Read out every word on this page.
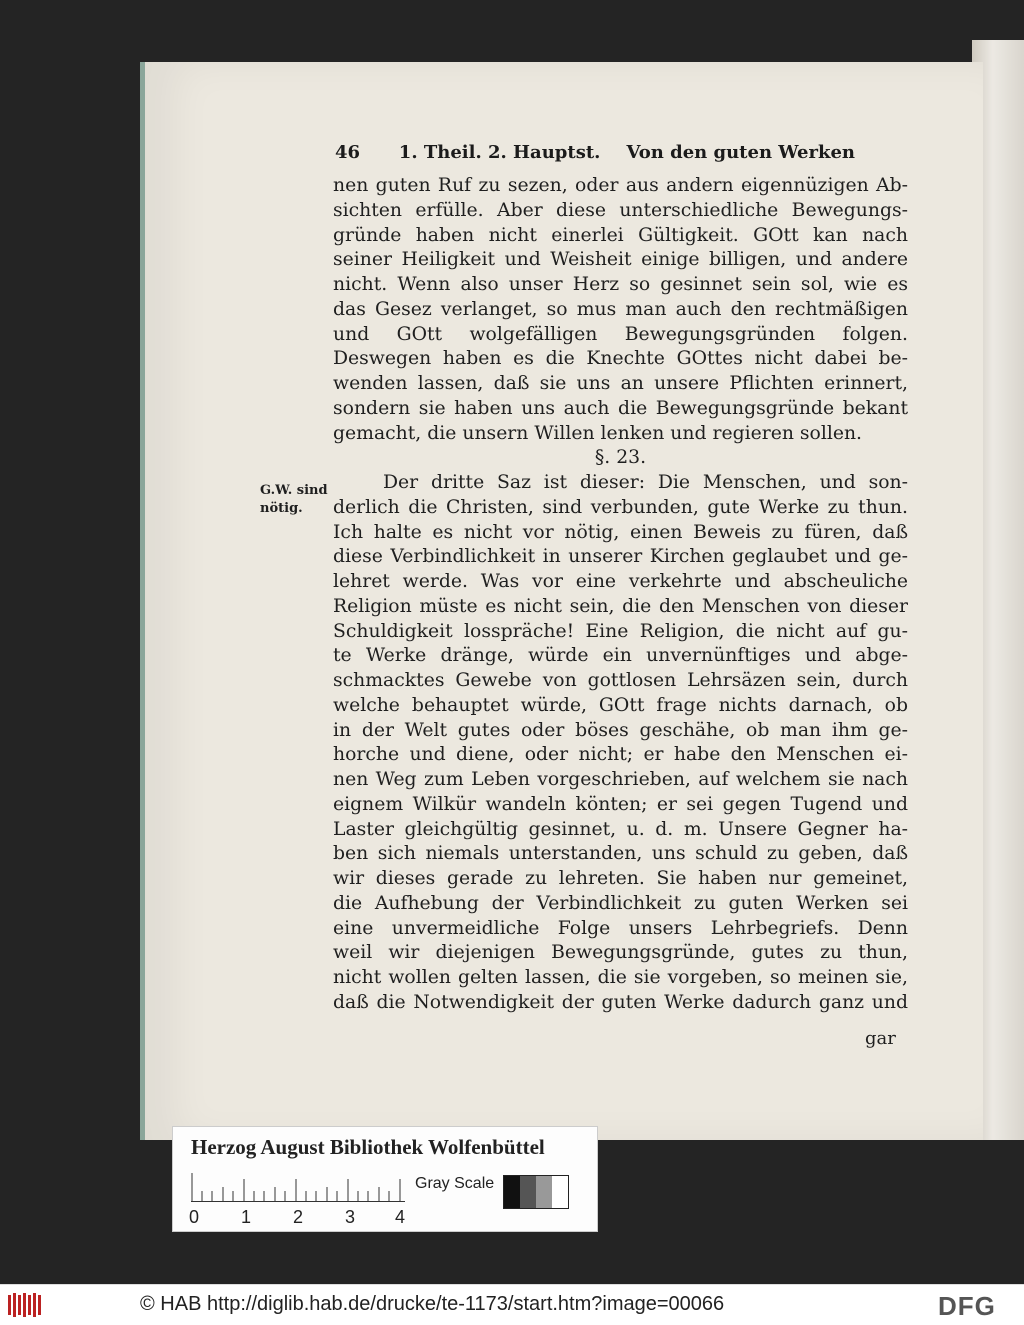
46	1. Theil. 2. Hauptst. Von den guten Werken
G.W. sind
nötig.
nen guten Ruf zu sezen, oder aus andern eigennüzigen Ab-
sichten erfülle. Aber diese unterschiedliche Bewegungs-
gründe haben nicht einerlei Gültigkeit. GOtt kan nach
seiner Heiligkeit und Weisheit einige billigen, und andere
nicht. Wenn also unser Herz so gesinnet sein sol, wie es
das Gesez verlanget, so mus man auch den rechtmäßigen
und GOtt wolgefälligen Bewegungsgründen folgen.
Deswegen haben es die Knechte GOttes nicht dabei be-
wenden lassen, daß sie uns an unsere Pflichten erinnert,
sondern sie haben uns auch die Bewegungsgründe bekant
gemacht, die unsern Willen lenken und regieren sollen.
§. 23.
Der dritte Saz ist dieser: Die Menschen, und son-
derlich die Christen, sind verbunden, gute Werke zu thun.
Ich halte es nicht vor nötig, einen Beweis zu füren, daß
diese Verbindlichkeit in unserer Kirchen geglaubet und ge-
lehret werde. Was vor eine verkehrte und abscheuliche
Religion müste es nicht sein, die den Menschen von dieser
Schuldigkeit lossprächе! Eine Religion, die nicht auf gu-
te Werke dränge, würde ein unvernünftiges und abge-
schmacktes Gewebe von gottlosen Lehrsäzen sein, durch
welche behauptet würde, GOtt frage nichts darnach, ob
in der Welt gutes oder böses geschähe, ob man ihm ge-
horche und diene, oder nicht; er habe den Menschen ei-
nen Weg zum Leben vorgeschrieben, auf welchem sie nach
eignem Wilkür wandeln könten; er sei gegen Tugend und
Laster gleichgültig gesinnet, u. d. m. Unsere Gegner ha-
ben sich niemals unterstanden, uns schuld zu geben, daß
wir dieses gerade zu lehreten. Sie haben nur gemeinet,
die Aufhebung der Verbindlichkeit zu guten Werken sei
eine unvermeidliche Folge unsers Lehrbegriefs. Denn
weil wir diejenigen Bewegungsgründe, gutes zu thun,
nicht wollen gelten lassen, die sie vorgeben, so meinen sie,
daß die Notwendigkeit der guten Werke dadurch ganz und
gar
Herzog August Bibliothek Wolfenbüttel
0 1 2 3 4
Gray Scale
© HAB http://diglib.hab.de/drucke/te-1173/start.htm?image=00066	DFG
